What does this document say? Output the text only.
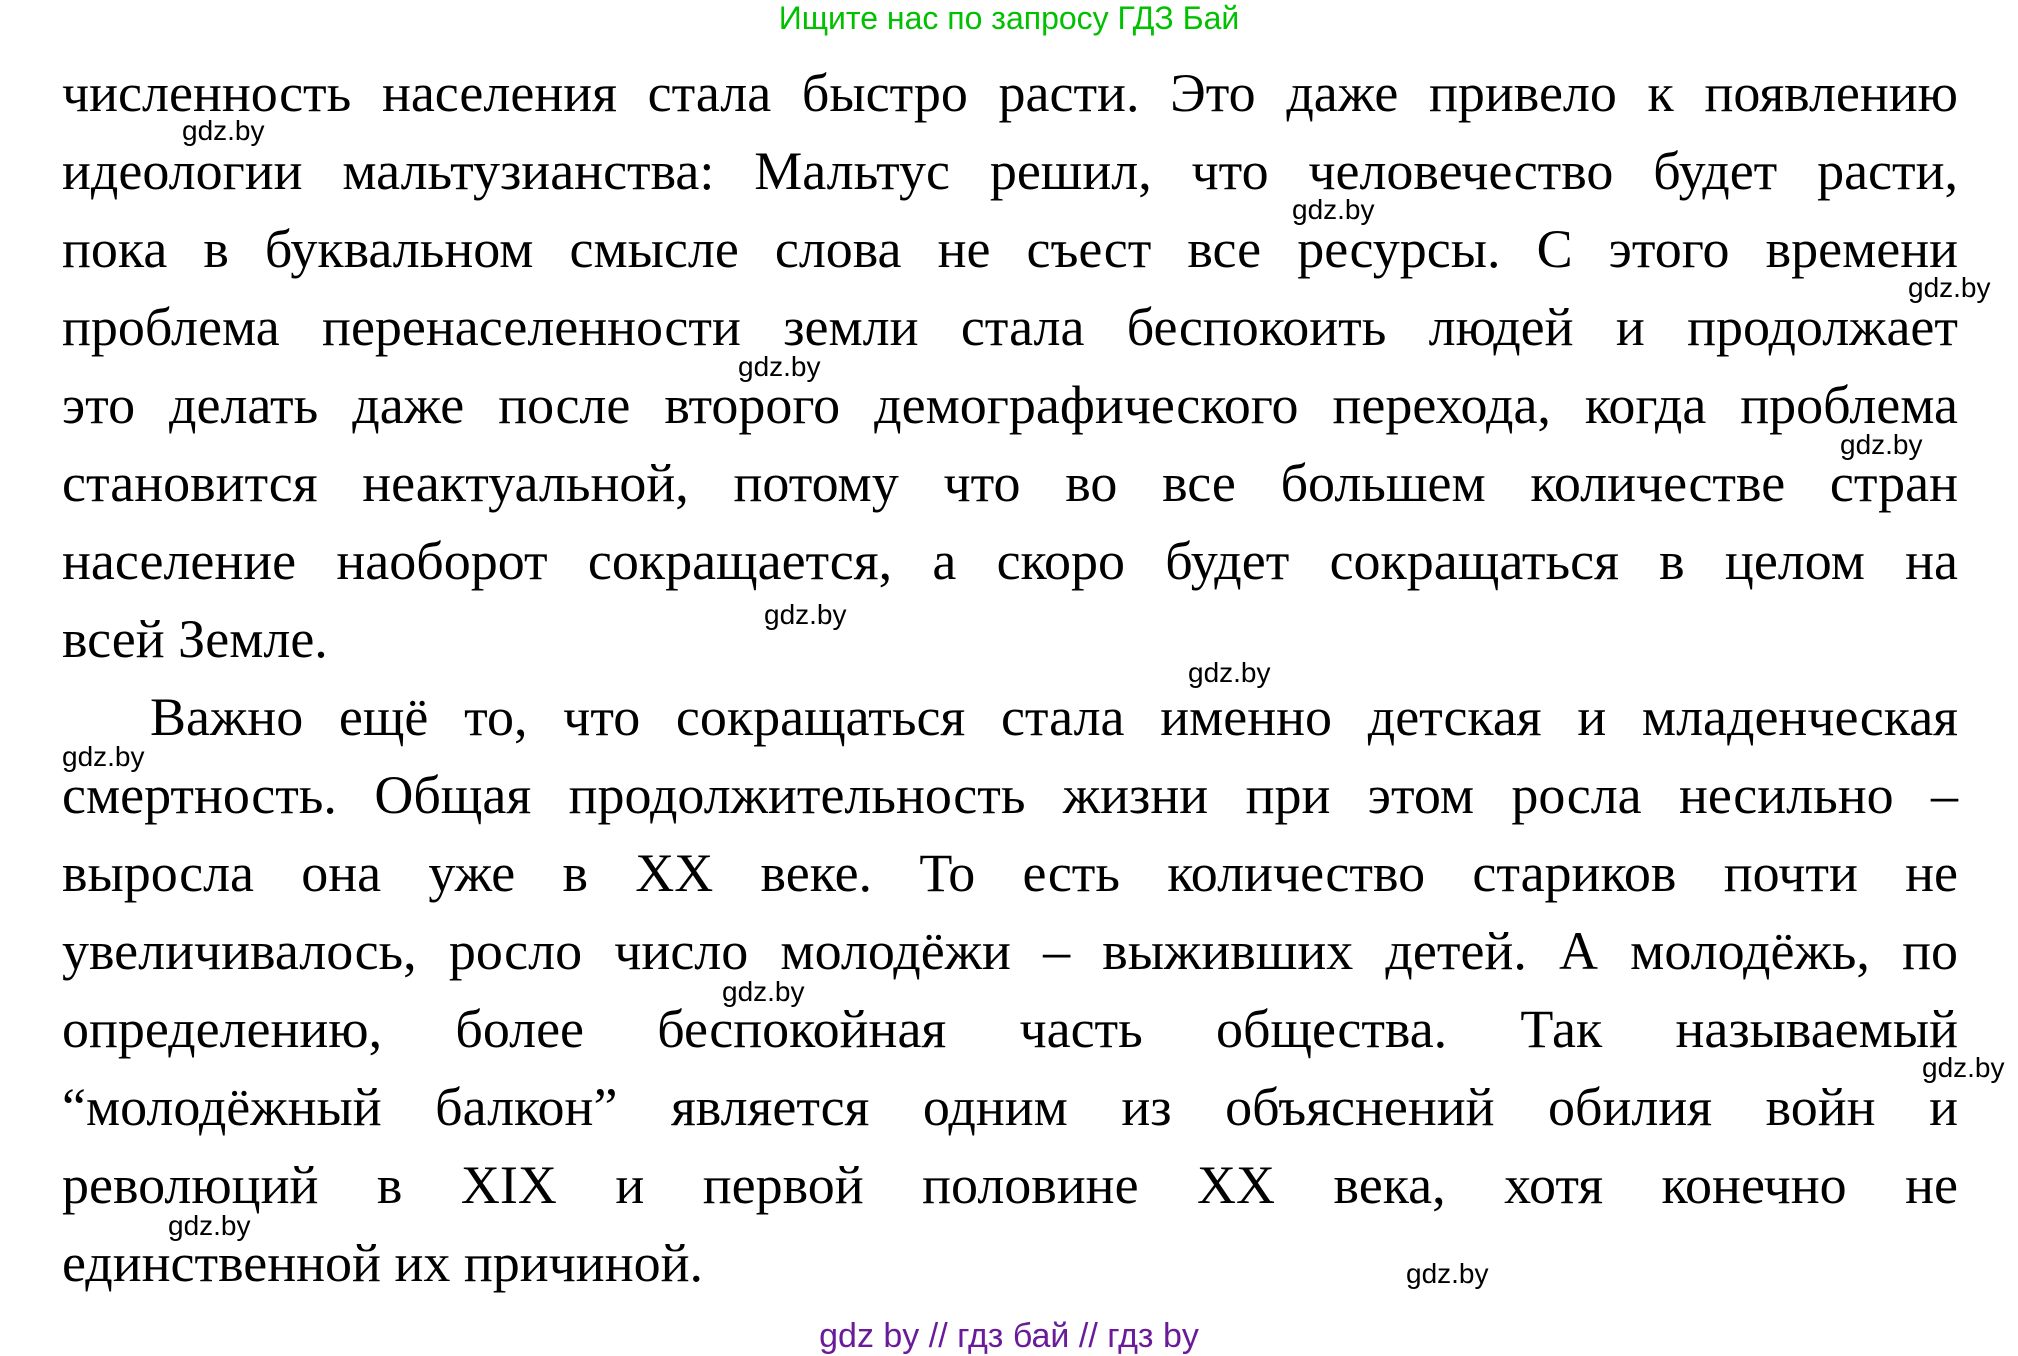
Ищите нас по запросу ГДЗ Бай
численность населения стала быстро расти. Это даже привело к появлению
идеологии мальтузианства: Мальтус решил, что человечество будет расти,
пока в буквальном смысле слова не съест все ресурсы. С этого времени
проблема перенаселенности земли стала беспокоить людей и продолжает
это делать даже после второго демографического перехода, когда проблема
становится неактуальной, потому что во все большем количестве стран
население наоборот сокращается, а скоро будет сокращаться в целом на
всей Земле.
Важно ещё то, что сокращаться стала именно детская и младенческая
смертность. Общая продолжительность жизни при этом росла несильно –
выросла она уже в XX веке. То есть количество стариков почти не
увеличивалось, росло число молодёжи – выживших детей. А молодёжь, по
определению, более беспокойная часть общества. Так называемый
“молодёжный балкон” является одним из объяснений обилия войн и
революций в XIX и первой половине XX века, хотя конечно не
единственной их причиной.
gdz.by
gdz.by
gdz.by
gdz.by
gdz.by
gdz.by
gdz.by
gdz.by
gdz.by
gdz.by
gdz.by
gdz.by
gdz by // гдз бай // гдз by
